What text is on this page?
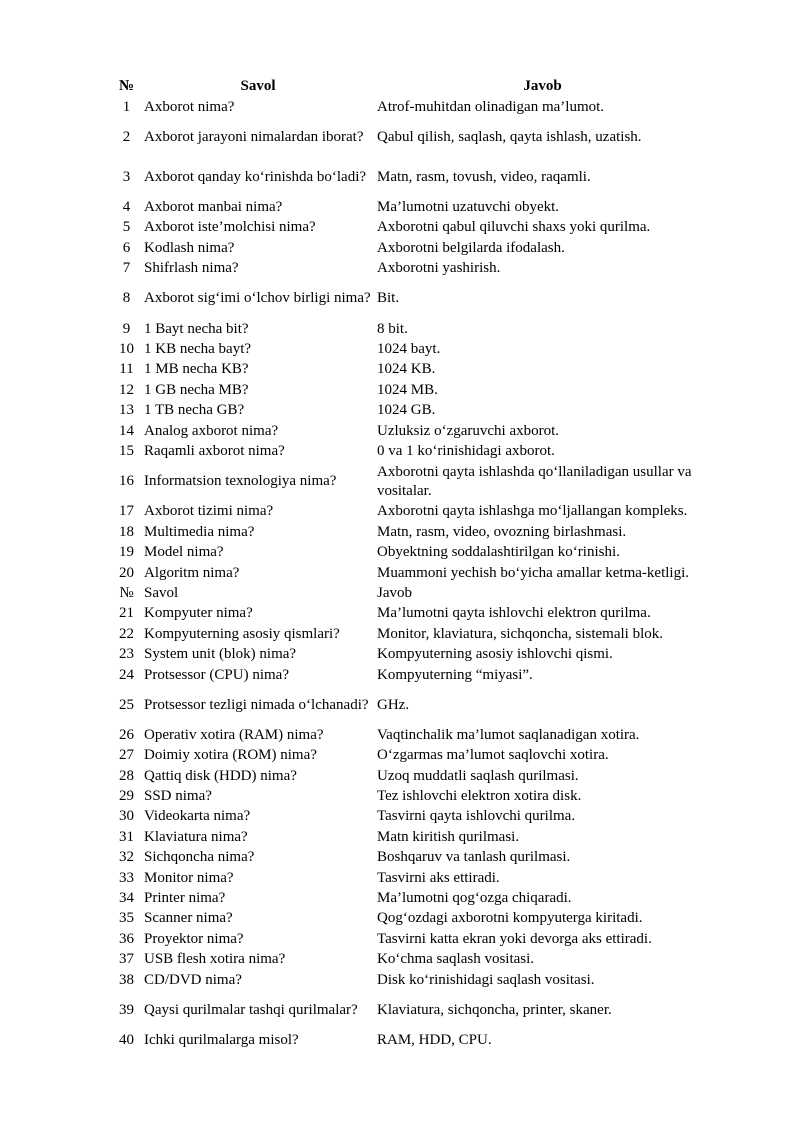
№	Savol	Javob
1	Axborot nima?	Atrof-muhitdan olinadigan ma’lumot.
2	Axborot jarayoni nimalardan iborat?	Qabul qilish, saqlash, qayta ishlash, uzatish.
3	Axborot qanday ko‘rinishda bo‘ladi?	Matn, rasm, tovush, video, raqamli.
4	Axborot manbai nima?	Ma’lumotni uzatuvchi obyekt.
5	Axborot iste’molchisi nima?	Axborotni qabul qiluvchi shaxs yoki qurilma.
6	Kodlash nima?	Axborotni belgilarda ifodalash.
7	Shifrlash nima?	Axborotni yashirish.
8	Axborot sig‘imi o‘lchov birligi nima?	Bit.
9	1 Bayt necha bit?	8 bit.
10	1 KB necha bayt?	1024 bayt.
11	1 MB necha KB?	1024 KB.
12	1 GB necha MB?	1024 MB.
13	1 TB necha GB?	1024 GB.
14	Analog axborot nima?	Uzluksiz o‘zgaruvchi axborot.
15	Raqamli axborot nima?	0 va 1 ko‘rinishidagi axborot.
16	Informatsion texnologiya nima?	Axborotni qayta ishlashda qo‘llaniladigan usullar va vositalar.
17	Axborot tizimi nima?	Axborotni qayta ishlashga mo‘ljallangan kompleks.
18	Multimedia nima?	Matn, rasm, video, ovozning birlashmasi.
19	Model nima?	Obyektning soddalashtirilgan ko‘rinishi.
20	Algoritm nima?	Muammoni yechish bo‘yicha amallar ketma-ketligi.
№	Savol	Javob
21	Kompyuter nima?	Ma’lumotni qayta ishlovchi elektron qurilma.
22	Kompyuterning asosiy qismlari?	Monitor, klaviatura, sichqoncha, sistemali blok.
23	System unit (blok) nima?	Kompyuterning asosiy ishlovchi qismi.
24	Protsessor (CPU) nima?	Kompyuterning “miyasi”.
25	Protsessor tezligi nimada o‘lchanadi?	GHz.
26	Operativ xotira (RAM) nima?	Vaqtinchalik ma’lumot saqlanadigan xotira.
27	Doimiy xotira (ROM) nima?	O‘zgarmas ma’lumot saqlovchi xotira.
28	Qattiq disk (HDD) nima?	Uzoq muddatli saqlash qurilmasi.
29	SSD nima?	Tez ishlovchi elektron xotira disk.
30	Videokarta nima?	Tasvirni qayta ishlovchi qurilma.
31	Klaviatura nima?	Matn kiritish qurilmasi.
32	Sichqoncha nima?	Boshqaruv va tanlash qurilmasi.
33	Monitor nima?	Tasvirni aks ettiradi.
34	Printer nima?	Ma’lumotni qog‘ozga chiqaradi.
35	Scanner nima?	Qog‘ozdagi axborotni kompyuterga kiritadi.
36	Proyektor nima?	Tasvirni katta ekran yoki devorga aks ettiradi.
37	USB flesh xotira nima?	Ko‘chma saqlash vositasi.
38	CD/DVD nima?	Disk ko‘rinishidagi saqlash vositasi.
39	Qaysi qurilmalar tashqi qurilmalar?	Klaviatura, sichqoncha, printer, skaner.
40	Ichki qurilmalarga misol?	RAM, HDD, CPU.
